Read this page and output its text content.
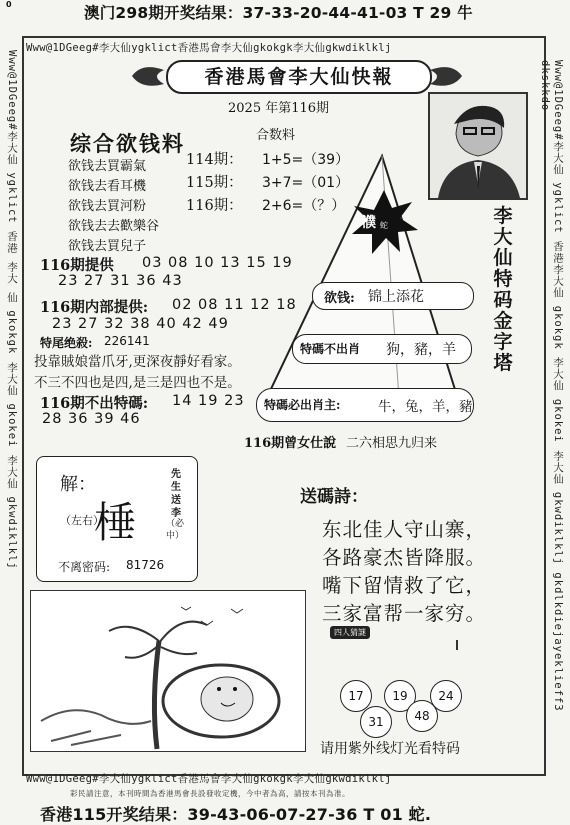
0	澳门298期开奖结果：37-33-20-44-41-03 T 29 牛
Www@1DGeeg#李大仙ygklict香港馬會李大仙gkokgk李大仙gkwdiklklj
Www@1DGeeg#李大仙 ygklict 香港 李大 仙 gkokgk 李大仙 gkokei 李大仙 gkwdiklklj	Www@1DGeeg#李大仙 ygklict 香港李大仙 gkokgk 李大仙 gkokei 李大仙 gkwdiklklj gkdlkdiejayeklieff3 dkskkdo
香港馬會李大仙快報
2025 年第116期
综合欲钱料
欲钱去買霸氣
欲钱去看耳機
欲钱去買河粉
欲钱去去歡樂谷
欲钱去買兒子
合数料
114期： 1+5=（39）
115期： 3+7=（01）
116期： 2+6=（？）
濮 蛇
欲钱: 锦上添花
特碼不出肖 狗，豬，羊
特碼必出肖主:	牛，兔，羊，豬
李
大
仙
特
码
金
字
塔
116期提供 03 08 10 13 15 19
23 27 31 36 43
116期内部提供: 02 08 11 12 18
23 27 32 38 40 42 49
特尾绝殺: 226141
投靠賊娘當爪牙,更深夜靜好看家。
不三不四也是四,是三是四也不是。
116期不出特碼: 14 19 23
28 36 39 46
116期曾女仕說 二六相思九归来
解：
（左右）
棰
先生送李
（必中）
不离密码: 81726
送碼詩：
东北佳人守山寨，
各路豪杰皆降服。
嘴下留情救了它，
三家富帮一家穷。
四人猜謎
17	19	24
31	48
请用紫外线灯光看特码
Www@1DGeeg#李大仙ygklict香港馬會李大仙gkokgk李大仙gkwdiklklj
彩民請注意，本刊時間為香港馬會長設發收定機，今中者為高，請按本刊為准。
香港115开奖结果：39-43-06-07-27-36 T 01 蛇.
